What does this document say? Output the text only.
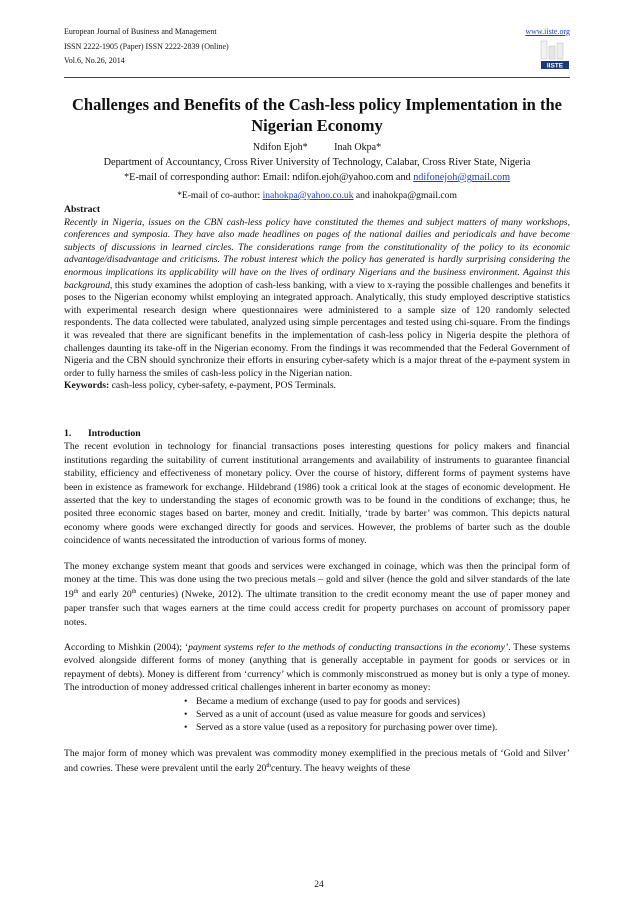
European Journal of Business and Management
ISSN 2222-1905 (Paper) ISSN 2222-2839 (Online)
Vol.6, No.26, 2014
www.iiste.org
IISTE
Challenges and Benefits of the Cash-less policy Implementation in the Nigerian Economy
Ndifon Ejoh*	Inah Okpa*
Department of Accountancy, Cross River University of Technology, Calabar, Cross River State, Nigeria
*E-mail of corresponding author: Email: ndifon.ejoh@yahoo.com and ndifonejoh@gmail.com
*E-mail of co-author: inahokpa@yahoo.co.uk and inahokpa@gmail.com
Abstract
Recently in Nigeria, issues on the CBN cash-less policy have constituted the themes and subject matters of many workshops, conferences and symposia. They have also made headlines on pages of the national dailies and periodicals and have become subjects of discussions in learned circles. The considerations range from the constitutionality of the policy to its economic advantage/disadvantage and criticisms. The robust interest which the policy has generated is hardly surprising considering the enormous implications its applicability will have on the lives of ordinary Nigerians and the business environment. Against this background, this study examines the adoption of cash-less banking, with a view to x-raying the possible challenges and benefits it poses to the Nigerian economy whilst employing an integrated approach. Analytically, this study employed descriptive statistics with experimental research design where questionnaires were administered to a sample size of 120 randomly selected respondents. The data collected were tabulated, analyzed using simple percentages and tested using chi-square. From the findings it was revealed that there are significant benefits in the implementation of cash-less policy in Nigeria despite the plethora of challenges daunting its take-off in the Nigerian economy. From the findings it was recommended that the Federal Government of Nigeria and the CBN should synchronize their efforts in ensuring cyber-safety which is a major threat of the e-payment system in order to fully harness the smiles of cash-less policy in the Nigerian nation.
Keywords: cash-less policy, cyber-safety, e-payment, POS Terminals.
1. Introduction

The recent evolution in technology for financial transactions poses interesting questions for policy makers and financial institutions regarding the suitability of current institutional arrangements and availability of instruments to guarantee financial stability, efficiency and effectiveness of monetary policy. Over the course of history, different forms of payment systems have been in existence as framework for exchange. Hildebrand (1986) took a critical look at the stages of economic development. He asserted that the key to understanding the stages of economic growth was to be found in the conditions of exchange; thus, he posited three economic stages based on barter, money and credit. Initially, ‘trade by barter’ was common. This depicts natural economy where goods were exchanged directly for goods and services. However, the problems of barter such as the double coincidence of wants necessitated the introduction of various forms of money.

The money exchange system meant that goods and services were exchanged in coinage, which was then the principal form of money at the time. This was done using the two precious metals – gold and silver (hence the gold and silver standards of the late 19th and early 20th centuries) (Nweke, 2012). The ultimate transition to the credit economy meant the use of paper money and paper transfer such that wages earners at the time could access credit for property purchases on account of promissory paper notes.

According to Mishkin (2004); ‘payment systems refer to the methods of conducting transactions in the economy’. These systems evolved alongside different forms of money (anything that is generally acceptable in payment for goods or services or in repayment of debts). Money is different from ‘currency’ which is commonly misconstrued as money but is only a type of money. The introduction of money addressed critical challenges inherent in barter economy as money:

• Became a medium of exchange (used to pay for goods and services)
• Served as a unit of account (used as value measure for goods and services)
• Served as a store value (used as a repository for purchasing power over time).

The major form of money which was prevalent was commodity money exemplified in the precious metals of ‘Gold and Silver’ and cowries. These were prevalent until the early 20thcentury. The heavy weights of these

24
